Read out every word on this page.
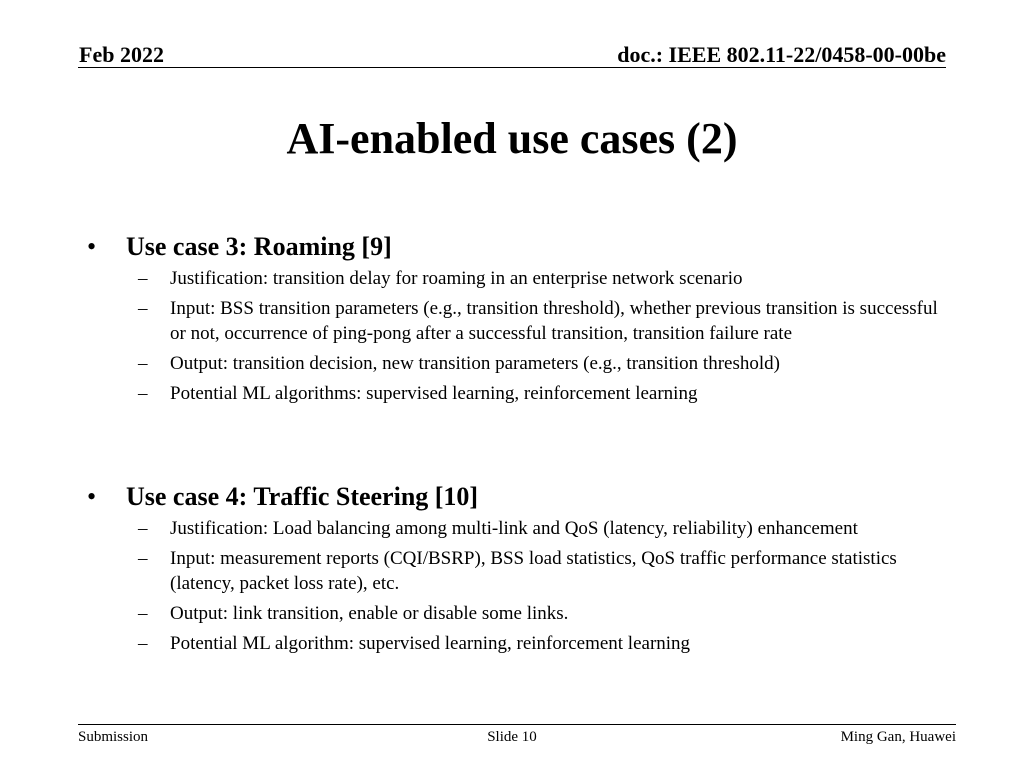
Feb 2022	doc.: IEEE 802.11-22/0458-00-00be
AI-enabled use cases (2)
• Use case 3: Roaming [9]
– Justification: transition delay for roaming in an enterprise network scenario
– Input: BSS transition parameters (e.g., transition threshold), whether previous transition is successful or not, occurrence of ping-pong after a successful transition, transition failure rate
– Output: transition decision, new transition parameters (e.g., transition threshold)
– Potential ML algorithms: supervised learning, reinforcement learning
• Use case 4: Traffic Steering [10]
– Justification: Load balancing among multi-link and QoS (latency, reliability) enhancement
– Input: measurement reports (CQI/BSRP), BSS load statistics, QoS traffic performance statistics (latency, packet loss rate), etc.
– Output: link transition, enable or disable some links.
– Potential ML algorithm: supervised learning, reinforcement learning
Submission	Slide 10	Ming Gan, Huawei
